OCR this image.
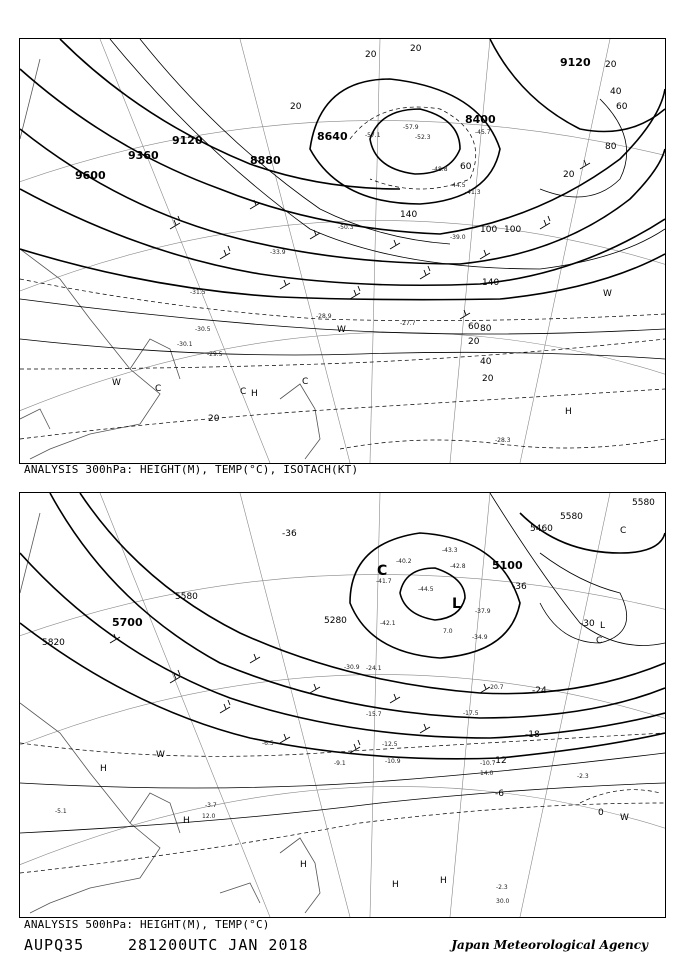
9600
9360
9120
8880
8640
8400
9120
20
20
60
80
100
140
60
40
20
20
20
20
60 80
40
20
20
140
100
-57.9
-57.1	-52.3
-48.8
-45.7
-50.3
-44.5
-41.3
-39.0
-33.9
-31.5
-30.5
-30.1
-29.5
-28.9
-27.7
-28.3
C	C H
C
H
W
W
W
ANALYSIS 300hPa: HEIGHT(M), TEMP(°C), ISOTACH(KT)
5700
5820
5580
5280
5100
5460
5580
5580
-36
-30
-24
-18
-12
-6
0
-36
-43.3
-42.8
-40.2
-41.7
-42.1
-44.5
-37.9
-34.9
-30.9 -24.1
-20.7
-17.5
-15.7
-12.5
-10.9	-10.7
-9.1
-6.5
-5.1
-3.7
-2.3
-2.3
30.0
14.0
12.0
7.0
L
C
L
C
C
H
H
H
H	H
W
W
ANALYSIS 500hPa: HEIGHT(M), TEMP(°C)
AUPQ35	281200UTC JAN 2018	Japan Meteorological Agency
